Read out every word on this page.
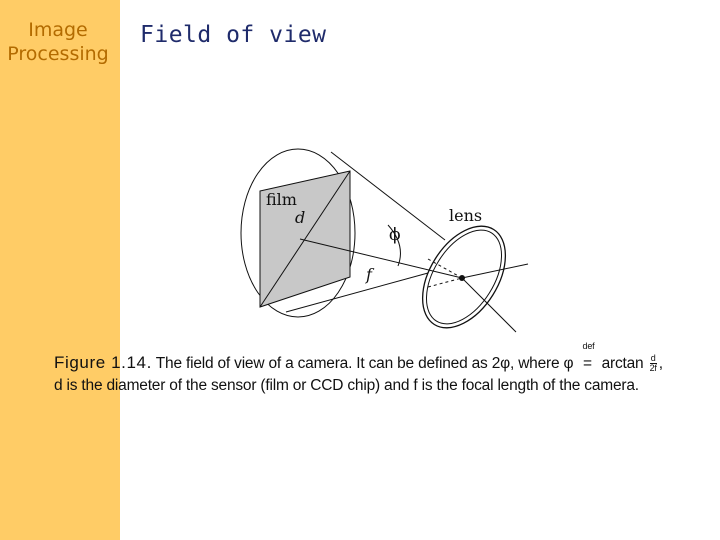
Image
Processing
Field of view
film
d	lens
ϕ
f
Figure 1.14. The field of view of a camera. It can be defined as 2φ, where φ
def
= $\arctan \frac{d}{2f}$ ,
d is the diameter of the sensor (film or CCD chip) and f is the focal length of the camera.
